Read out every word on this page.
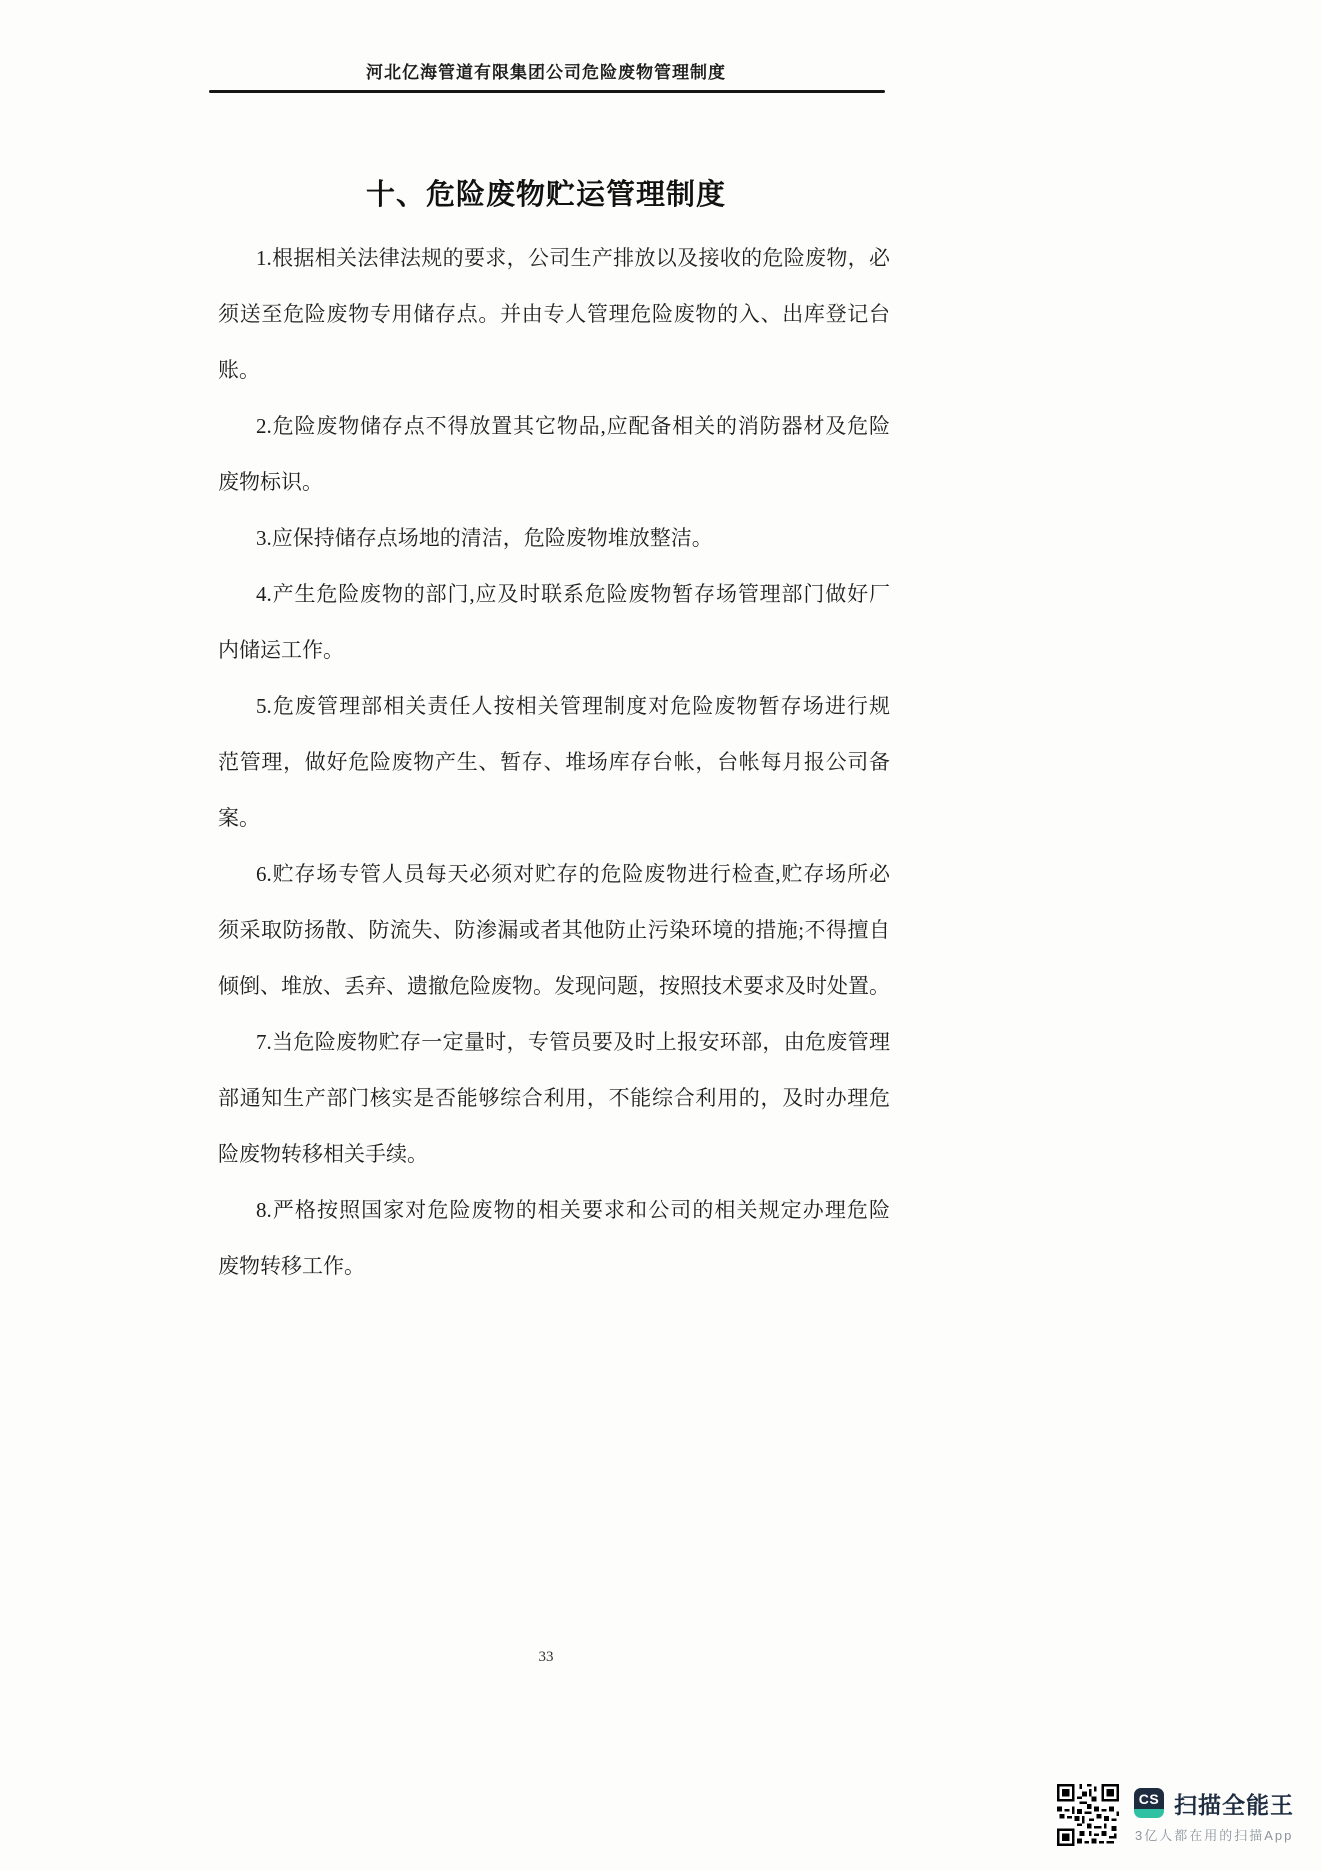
河北亿海管道有限集团公司危险废物管理制度
十、危险废物贮运管理制度
1.根据相关法律法规的要求，公司生产排放以及接收的危险废物，必
须送至危险废物专用储存点。并由专人管理危险废物的入、出库登记台
账。
2.危险废物储存点不得放置其它物品,应配备相关的消防器材及危险
废物标识。
3.应保持储存点场地的清洁，危险废物堆放整洁。
4.产生危险废物的部门,应及时联系危险废物暂存场管理部门做好厂
内储运工作。
5.危废管理部相关责任人按相关管理制度对危险废物暂存场进行规
范管理，做好危险废物产生、暂存、堆场库存台帐，台帐每月报公司备
案。
6.贮存场专管人员每天必须对贮存的危险废物进行检查,贮存场所必
须采取防扬散、防流失、防渗漏或者其他防止污染环境的措施;不得擅自
倾倒、堆放、丢弃、遗撤危险废物。发现问题，按照技术要求及时处置。
7.当危险废物贮存一定量时，专管员要及时上报安环部，由危废管理
部通知生产部门核实是否能够综合利用，不能综合利用的，及时办理危
险废物转移相关手续。
8.严格按照国家对危险废物的相关要求和公司的相关规定办理危险
废物转移工作。
33
CS 扫描全能王
3亿人都在用的扫描App
